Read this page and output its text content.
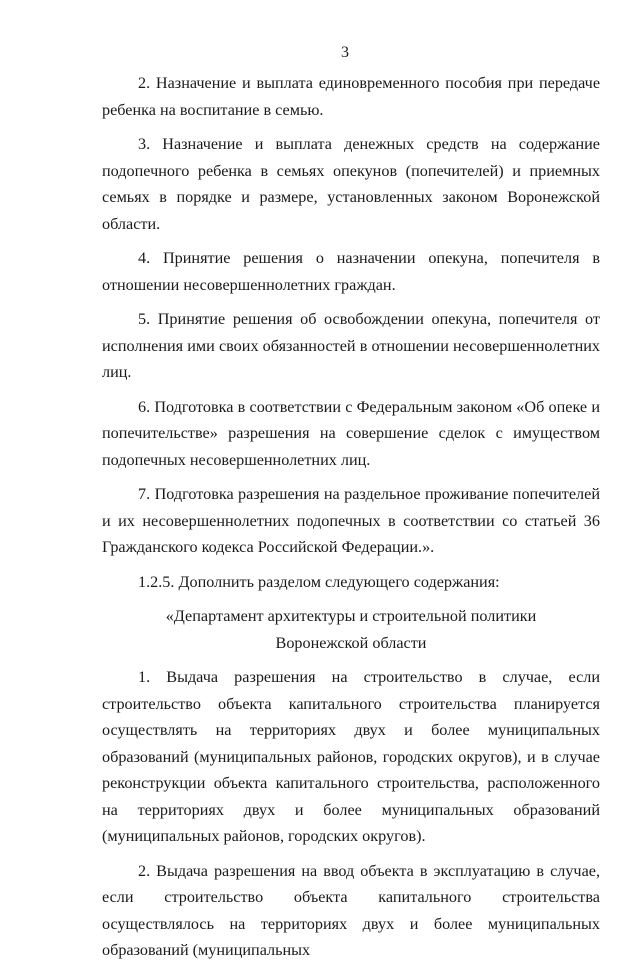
3

2. Назначение и выплата единовременного пособия при передаче ребенка на воспитание в семью.

3. Назначение и выплата денежных средств на содержание подопечного ребенка в семьях опекунов (попечителей) и приемных семьях в порядке и размере, установленных законом Воронежской области.

4. Принятие решения о назначении опекуна, попечителя в отношении несовершеннолетних граждан.

5. Принятие решения об освобождении опекуна, попечителя от исполнения ими своих обязанностей в отношении несовершеннолетних лиц.

6. Подготовка в соответствии с Федеральным законом «Об опеке и попечительстве» разрешения на совершение сделок с имуществом подопечных несовершеннолетних лиц.

7. Подготовка разрешения на раздельное проживание попечителей и их несовершеннолетних подопечных в соответствии со статьей 36 Гражданского кодекса Российской Федерации.».

1.2.5. Дополнить разделом следующего содержания:

«Департамент архитектуры и строительной политики

Воронежской области

1. Выдача разрешения на строительство в случае, если строительство объекта капитального строительства планируется осуществлять на территориях двух и более муниципальных образований (муниципальных районов, городских округов), и в случае реконструкции объекта капитального строительства, расположенного на территориях двух и более муниципальных образований (муниципальных районов, городских округов).

2. Выдача разрешения на ввод объекта в эксплуатацию в случае, если строительство объекта капитального строительства осуществлялось на территориях двух и более муниципальных образований (муниципальных
